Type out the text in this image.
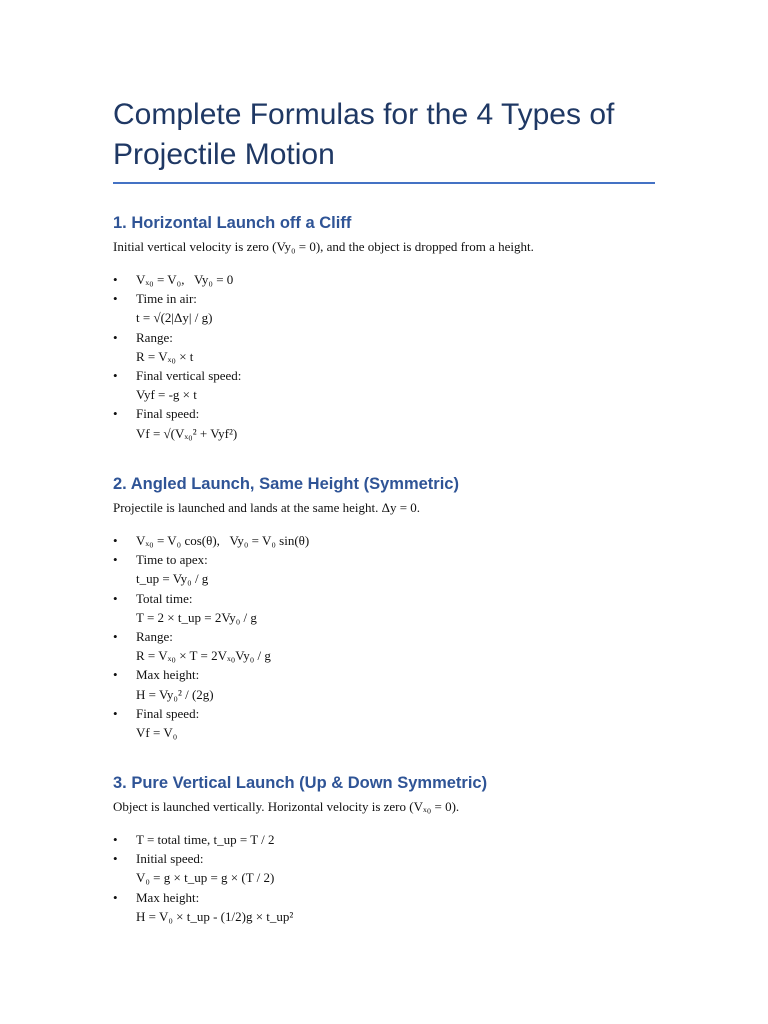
Complete Formulas for the 4 Types of Projectile Motion
1. Horizontal Launch off a Cliff

Initial vertical velocity is zero (Vy₀ = 0), and the object is dropped from a height.

• Vₓ₀ = V₀,   Vy₀ = 0
• Time in air:
t = √(2|Δy| / g)
• Range:
R = Vₓ₀ × t
• Final vertical speed:
Vyf = -g × t
• Final speed:
Vf = √(Vₓ₀² + Vyf²)
2. Angled Launch, Same Height (Symmetric)

Projectile is launched and lands at the same height. Δy = 0.

• Vₓ₀ = V₀ cos(θ),   Vy₀ = V₀ sin(θ)
• Time to apex:
t_up = Vy₀ / g
• Total time:
T = 2 × t_up = 2Vy₀ / g
• Range:
R = Vₓ₀ × T = 2Vₓ₀Vy₀ / g
• Max height:
H = Vy₀² / (2g)
• Final speed:
Vf = V₀
3. Pure Vertical Launch (Up & Down Symmetric)

Object is launched vertically. Horizontal velocity is zero (Vₓ₀ = 0).

• T = total time, t_up = T / 2
• Initial speed:
V₀ = g × t_up = g × (T / 2)
• Max height:
H = V₀ × t_up - (1/2)g × t_up²
